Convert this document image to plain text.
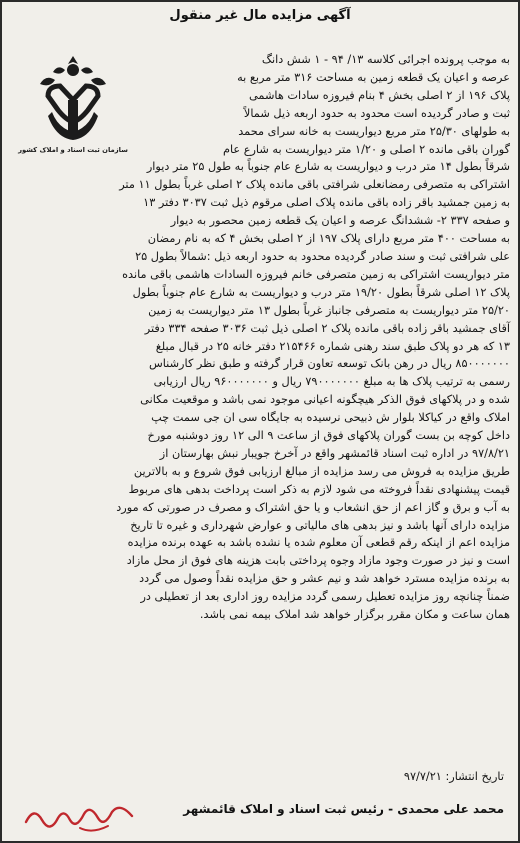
آگهی مزایده مال غیر منقول
سازمان ثبت اسناد و املاک کشور
به موجب پرونده اجرائی کلاسه ۱۳/ ۹۴ - ۱ شش دانگ
عرصه و اعیان یک قطعه زمین به مساحت ۳۱۶ متر مربع به
پلاک ۱۹۶ از ۲ اصلی بخش ۴ بنام فیروزه سادات هاشمی
ثبت و صادر گردیده است محدود به حدود اربعه ذیل شمالاً
به طولهای ۲۵/۳۰ متر مربع دیواریست به خانه سرای محمد
گوران باقی مانده ۲ اصلی و ۱/۲۰ متر دیواریست به شارع عام
شرقاً بطول ۱۴ متر درب و دیواریست به شارع عام جنوباً به طول ۲۵ متر دیوار
اشتراکی به متصرفی رمضانعلی شرافتی باقی مانده پلاک ۲ اصلی غرباً بطول ۱۱ متر
به زمین جمشید باقر زاده باقی مانده پلاک اصلی مرقوم ذیل ثبت ۳۰۳۷ دفتر ۱۳
و صفحه ۳۳۷ ۲- ششدانگ عرصه و اعیان یک قطعه زمین محصور به دیوار
به مساحت ۴۰۰ متر مربع دارای پلاک ۱۹۷ از ۲ اصلی بخش ۴ که به نام رمضان
علی شرافتی ثبت و سند صادر گردیده محدود به حدود اربعه ذیل :شمالاً بطول ۲۵
متر دیواریست اشتراکی به زمین متصرفی خانم فیروزه السادات هاشمی باقی مانده
پلاک ۱۲ اصلی شرقاً بطول ۱۹/۲۰ متر درب و دیواریست به شارع عام جنوباً بطول
۲۵/۲۰ متر دیواریست به متصرفی جانباز غرباً بطول ۱۳ متر دیواریست به زمین
آقای جمشید باقر زاده باقی مانده پلاک ۲ اصلی ذیل ثبت ۳۰۳۶ صفحه ۳۳۴ دفتر
۱۳ که هر دو پلاک طبق سند رهنی شماره ۲۱۵۴۶۶ دفتر خانه ۲۵ در قبال مبلغ
۸۵۰۰۰۰۰۰۰ ریال در رهن بانک توسعه تعاون قرار گرفته و طبق نظر کارشناس
رسمی به ترتیب پلاک ها به مبلغ ۷۹۰۰۰۰۰۰۰ ریال و ۹۶۰۰۰۰۰۰۰ ریال ارزیابی
شده و در پلاکهای فوق الذکر هیچگونه اعیانی موجود نمی باشد و موقعیت مکانی
املاک واقع در کیاکلا بلوار ش ذبیحی نرسیده به جایگاه سی ان جی سمت چپ
داخل کوچه بن بست گوران پلاکهای فوق از ساعت ۹ الی ۱۲ روز دوشنبه مورخ
۹۷/۸/۲۱ در اداره ثبت اسناد قائمشهر واقع در آخرخ جویبار نبش بهارستان از
طریق مزایده به فروش می رسد مزایده از مبالغ ارزیابی فوق شروع و به بالاترین
قیمت پیشنهادی نقداً فروخته می شود لازم به ذکر است پرداخت بدهی های مربوط
به آب و برق و گاز اعم از حق انشعاب و یا حق اشتراک و مصرف در صورتی که مورد
مزایده دارای آنها باشد و نیز بدهی های مالیاتی و عوارض شهرداری و غیره تا تاریخ
مزایده اعم از اینکه رقم قطعی آن معلوم شده یا نشده باشد به عهده برنده مزایده
است و نیز در صورت وجود مازاد وجوه پرداختی بابت هزینه های فوق از محل مازاد
به برنده مزایده مسترد خواهد شد و نیم عشر و حق مزایده نقداً وصول می گردد
ضمناً چنانچه روز مزایده تعطیل رسمی گردد مزایده روز اداری بعد از تعطیلی در
همان ساعت و مکان مقرر برگزار خواهد شد املاک بیمه نمی باشد.
تاریخ انتشار: ۹۷/۷/۲۱
محمد علی محمدی - رئیس ثبت اسناد و املاک قائمشهر
